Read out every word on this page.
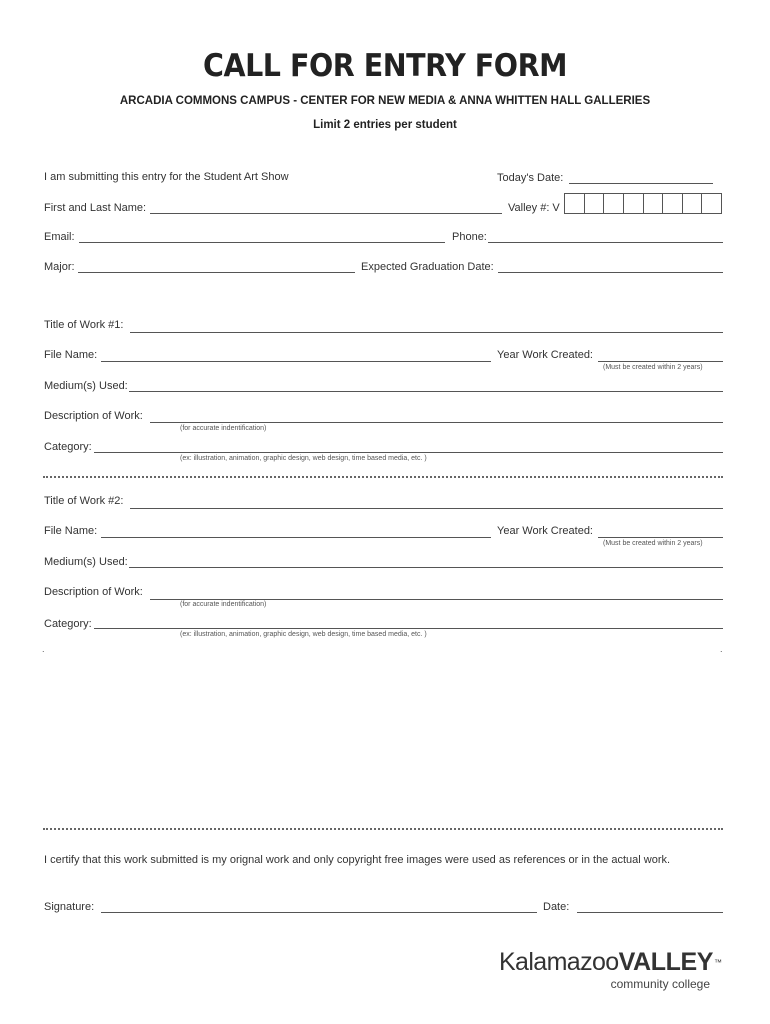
CALL FOR ENTRY FORM
ARCADIA COMMONS CAMPUS - CENTER FOR NEW MEDIA & ANNA WHITTEN HALL GALLERIES
Limit 2 entries per student
I am submitting this entry for the Student Art Show	Today's Date:
First and Last Name:	Valley #: V
Email:	Phone:
Major:	Expected Graduation Date:
Title of Work #1:
File Name:	Year Work Created:
(Must be created within 2 years)
Medium(s) Used:
Description of Work:
(for accurate indentification)
Category:
(ex: illustration, animation, graphic design, web design, time based media, etc. )
Title of Work #2:
File Name:	Year Work Created:
(Must be created within 2 years)
Medium(s) Used:
Description of Work:
(for accurate indentification)
Category:
(ex: illustration, animation, graphic design, web design, time based media, etc. )
.	.
I certify that this work submitted is my orignal work and only copyright free images were used as references or in the actual work.
Signature:	Date:
KalamazooVALLEY™
community college
